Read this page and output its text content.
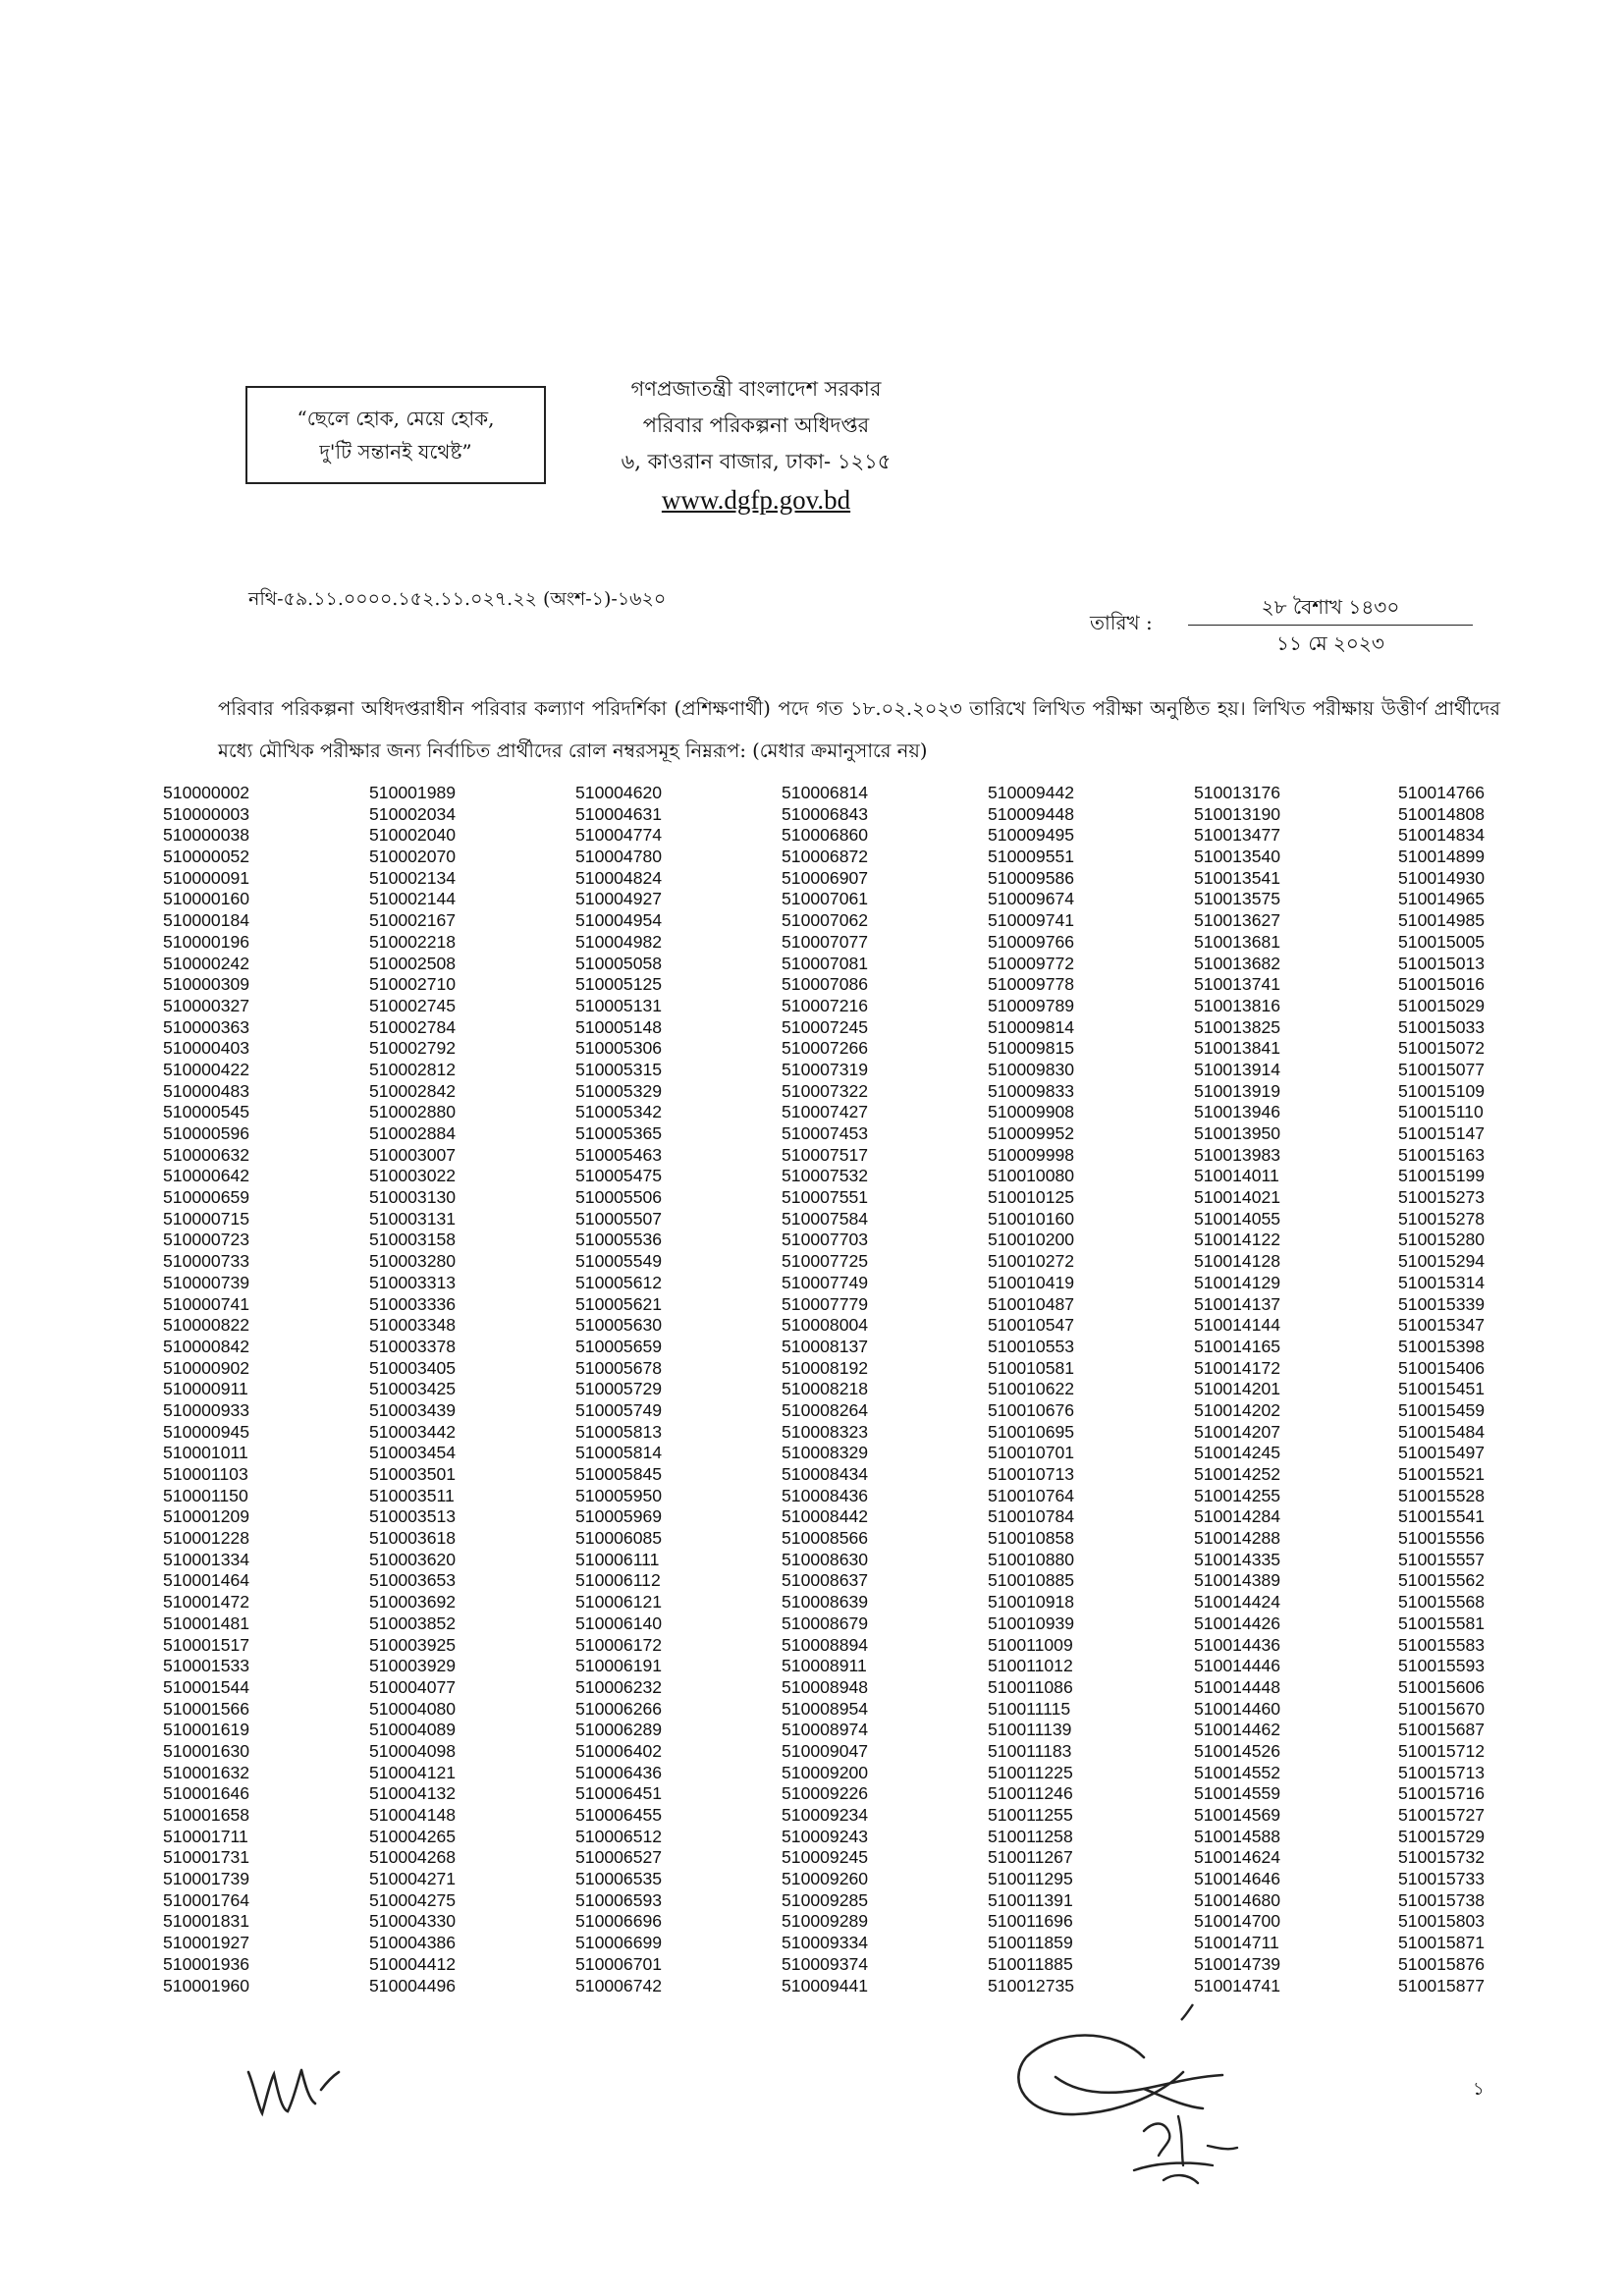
“ছেলে হোক, মেয়ে হোক,
দু'টি সন্তানই যথেষ্ট”
গণপ্রজাতন্ত্রী বাংলাদেশ সরকার
পরিবার পরিকল্পনা অধিদপ্তর
৬, কাওরান বাজার, ঢাকা- ১২১৫
www.dgfp.gov.bd
নথি-৫৯.১১.০০০০.১৫২.১১.০২৭.২২ (অংশ-১)-১৬২০
তারিখ :
২৮ বৈশাখ ১৪৩০
১১ মে ২০২৩
পরিবার পরিকল্পনা অধিদপ্তরাধীন পরিবার কল্যাণ পরিদর্শিকা (প্রশিক্ষণার্থী) পদে গত ১৮.০২.২০২৩ তারিখে লিখিত পরীক্ষা অনুষ্ঠিত হয়। লিখিত পরীক্ষায় উত্তীর্ণ প্রার্থীদের মধ্যে মৌখিক পরীক্ষার জন্য নির্বাচিত প্রার্থীদের রোল নম্বরসমূহ নিম্নরূপ: (মেধার ক্রমানুসারে নয়)
510000002
510000003
510000038
510000052
510000091
510000160
510000184
510000196
510000242
510000309
510000327
510000363
510000403
510000422
510000483
510000545
510000596
510000632
510000642
510000659
510000715
510000723
510000733
510000739
510000741
510000822
510000842
510000902
510000911
510000933
510000945
510001011
510001103
510001150
510001209
510001228
510001334
510001464
510001472
510001481
510001517
510001533
510001544
510001566
510001619
510001630
510001632
510001646
510001658
510001711
510001731
510001739
510001764
510001831
510001927
510001936
510001960
510001989
510002034
510002040
510002070
510002134
510002144
510002167
510002218
510002508
510002710
510002745
510002784
510002792
510002812
510002842
510002880
510002884
510003007
510003022
510003130
510003131
510003158
510003280
510003313
510003336
510003348
510003378
510003405
510003425
510003439
510003442
510003454
510003501
510003511
510003513
510003618
510003620
510003653
510003692
510003852
510003925
510003929
510004077
510004080
510004089
510004098
510004121
510004132
510004148
510004265
510004268
510004271
510004275
510004330
510004386
510004412
510004496
510004620
510004631
510004774
510004780
510004824
510004927
510004954
510004982
510005058
510005125
510005131
510005148
510005306
510005315
510005329
510005342
510005365
510005463
510005475
510005506
510005507
510005536
510005549
510005612
510005621
510005630
510005659
510005678
510005729
510005749
510005813
510005814
510005845
510005950
510005969
510006085
510006111
510006112
510006121
510006140
510006172
510006191
510006232
510006266
510006289
510006402
510006436
510006451
510006455
510006512
510006527
510006535
510006593
510006696
510006699
510006701
510006742
510006814
510006843
510006860
510006872
510006907
510007061
510007062
510007077
510007081
510007086
510007216
510007245
510007266
510007319
510007322
510007427
510007453
510007517
510007532
510007551
510007584
510007703
510007725
510007749
510007779
510008004
510008137
510008192
510008218
510008264
510008323
510008329
510008434
510008436
510008442
510008566
510008630
510008637
510008639
510008679
510008894
510008911
510008948
510008954
510008974
510009047
510009200
510009226
510009234
510009243
510009245
510009260
510009285
510009289
510009334
510009374
510009441
510009442
510009448
510009495
510009551
510009586
510009674
510009741
510009766
510009772
510009778
510009789
510009814
510009815
510009830
510009833
510009908
510009952
510009998
510010080
510010125
510010160
510010200
510010272
510010419
510010487
510010547
510010553
510010581
510010622
510010676
510010695
510010701
510010713
510010764
510010784
510010858
510010880
510010885
510010918
510010939
510011009
510011012
510011086
510011115
510011139
510011183
510011225
510011246
510011255
510011258
510011267
510011295
510011391
510011696
510011859
510011885
510012735
510013176
510013190
510013477
510013540
510013541
510013575
510013627
510013681
510013682
510013741
510013816
510013825
510013841
510013914
510013919
510013946
510013950
510013983
510014011
510014021
510014055
510014122
510014128
510014129
510014137
510014144
510014165
510014172
510014201
510014202
510014207
510014245
510014252
510014255
510014284
510014288
510014335
510014389
510014424
510014426
510014436
510014446
510014448
510014460
510014462
510014526
510014552
510014559
510014569
510014588
510014624
510014646
510014680
510014700
510014711
510014739
510014741
510014766
510014808
510014834
510014899
510014930
510014965
510014985
510015005
510015013
510015016
510015029
510015033
510015072
510015077
510015109
510015110
510015147
510015163
510015199
510015273
510015278
510015280
510015294
510015314
510015339
510015347
510015398
510015406
510015451
510015459
510015484
510015497
510015521
510015528
510015541
510015556
510015557
510015562
510015568
510015581
510015583
510015593
510015606
510015670
510015687
510015712
510015713
510015716
510015727
510015729
510015732
510015733
510015738
510015803
510015871
510015876
510015877
১
